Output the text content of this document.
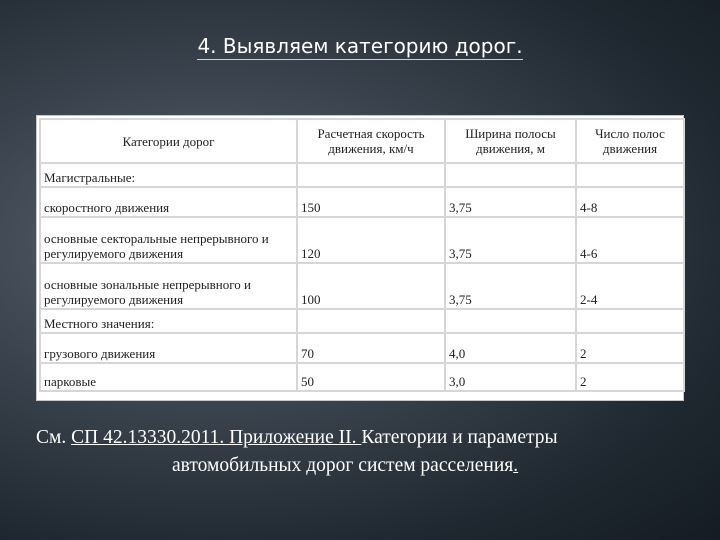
4. Выявляем категорию дорог.
Категории дорог	Расчетная скорость движения, км/ч	Ширина полосы движения, м	Число полос движения
Магистральные:			
скоростного движения	150	3,75	4-8
основные секторальные непрерывного и регулируемого движения	120	3,75	4-6
основные зональные непрерывного и регулируемого движения	100	3,75	2-4
Местного значения:			
грузового движения	70	4,0	2
парковые	50	3,0	2
См. СП 42.13330.2011. Приложение II. Категории и параметры
автомобильных дорог систем расселения.
